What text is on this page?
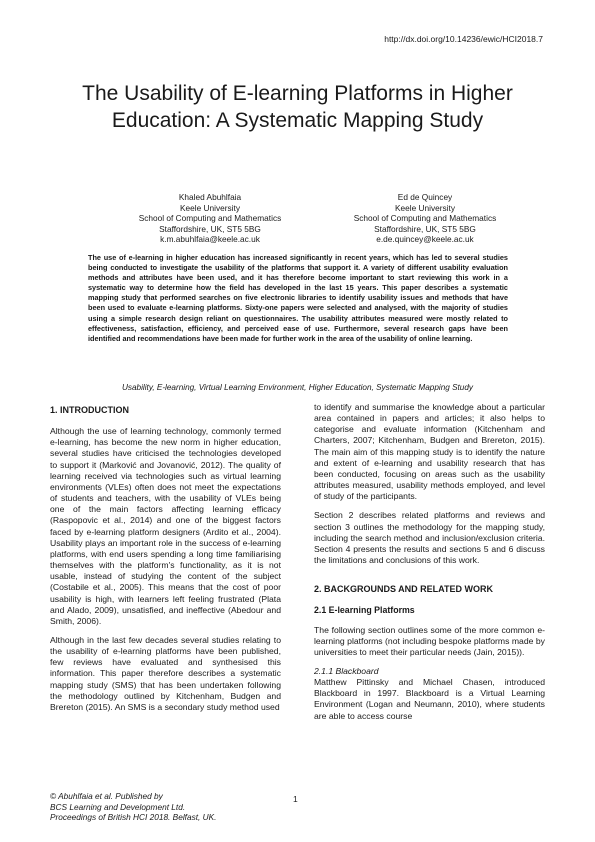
http://dx.doi.org/10.14236/ewic/HCI2018.7
The Usability of E-learning Platforms in Higher Education: A Systematic Mapping Study
Khaled Abuhlfaia
Keele University
School of Computing and Mathematics
Staffordshire, UK, ST5 5BG
k.m.abuhlfaia@keele.ac.uk
Ed de Quincey
Keele University
School of Computing and Mathematics
Staffordshire, UK, ST5 5BG
e.de.quincey@keele.ac.uk

The use of e-learning in higher education has increased significantly in recent years, which has led to several studies being conducted to investigate the usability of the platforms that support it. A variety of different usability evaluation methods and attributes have been used, and it has therefore become important to start reviewing this work in a systematic way to determine how the field has developed in the last 15 years. This paper describes a systematic mapping study that performed searches on five electronic libraries to identify usability issues and methods that have been used to evaluate e-learning platforms. Sixty-one papers were selected and analysed, with the majority of studies using a simple research design reliant on questionnaires. The usability attributes measured were mostly related to effectiveness, satisfaction, efficiency, and perceived ease of use. Furthermore, several research gaps have been identified and recommendations have been made for further work in the area of the usability of online learning.

Usability, E-learning, Virtual Learning Environment, Higher Education, Systematic Mapping Study
1. INTRODUCTION

Although the use of learning technology, commonly termed e-learning, has become the new norm in higher education, several studies have criticised the technologies developed to support it (Marković and Jovanović, 2012). The quality of learning received via technologies such as virtual learning environments (VLEs) often does not meet the expectations of students and teachers, with the usability of VLEs being one of the main factors affecting learning efficacy (Raspopovic et al., 2014) and one of the biggest factors faced by e-learning platform designers (Ardito et al., 2004). Usability plays an important role in the success of e-learning platforms, with end users spending a long time familiarising themselves with the platform's functionality, as it is not usable, instead of studying the content of the subject (Costabile et al., 2005). This means that the cost of poor usability is high, with learners left feeling frustrated (Plata and Alado, 2009), unsatisfied, and ineffective (Abedour and Smith, 2006).

Although in the last few decades several studies relating to the usability of e-learning platforms have been published, few reviews have evaluated and synthesised this information. This paper therefore describes a systematic mapping study (SMS) that has been undertaken following the methodology outlined by Kitchenham, Budgen and Brereton (2015). An SMS is a secondary study method used

to identify and summarise the knowledge about a particular area contained in papers and articles; it also helps to categorise and evaluate information (Kitchenham and Charters, 2007; Kitchenham, Budgen and Brereton, 2015). The main aim of this mapping study is to identify the nature and extent of e-learning and usability research that has been conducted, focusing on areas such as the usability attributes measured, usability methods employed, and level of study of the participants.

Section 2 describes related platforms and reviews and section 3 outlines the methodology for the mapping study, including the search method and inclusion/exclusion criteria. Section 4 presents the results and sections 5 and 6 discuss the limitations and conclusions of this work.

2. BACKGROUNDS AND RELATED WORK
2.1 E-learning Platforms

The following section outlines some of the more common e-learning platforms (not including bespoke platforms made by universities to meet their particular needs (Jain, 2015)).

2.1.1 Blackboard

Matthew Pittinsky and Michael Chasen, introduced Blackboard in 1997. Blackboard is a Virtual Learning Environment (Logan and Neumann, 2010), where students are able to access course

© Abuhlfaia et al. Published by
BCS Learning and Development Ltd.
Proceedings of British HCI 2018. Belfast, UK.
1
